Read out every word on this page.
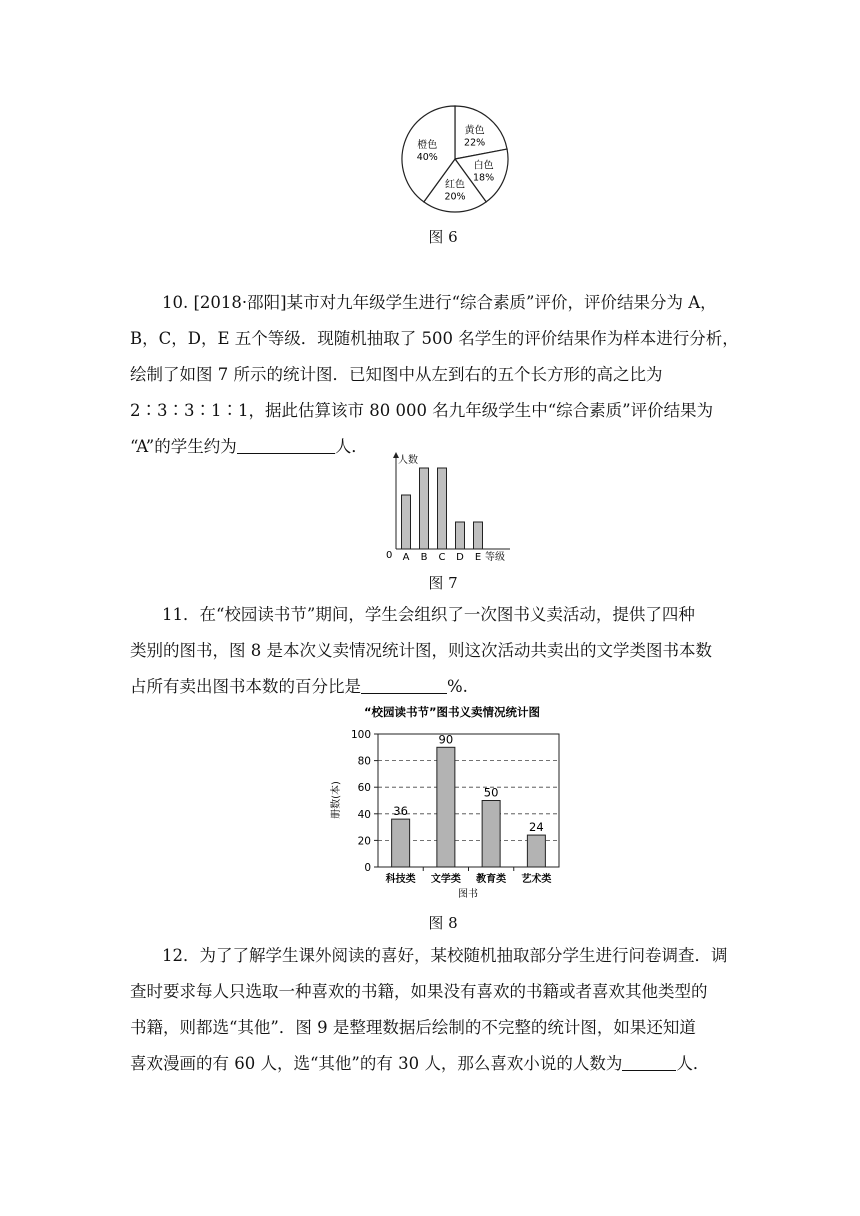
橙色
40%
黄色
22%
白色
18%
红色
20%
图 6
10. [2018·邵阳]某市对九年级学生进行“综合素质”评价，评价结果分为 A，
B，C，D，E 五个等级．现随机抽取了 500 名学生的评价结果作为样本进行分析，
绘制了如图 7 所示的统计图．已知图中从左到右的五个长方形的高之比为
2∶3∶3∶1∶1，据此估算该市 80 000 名九年级学生中“综合素质”评价结果为
“A”的学生约为	人．
人数
0 A B C D E 等级
图 7
11．在“校园读书节”期间，学生会组织了一次图书义卖活动，提供了四种
类别的图书，图 8 是本次义卖情况统计图，则这次活动共卖出的文学类图书本数
占所有卖出图书本数的百分比是	%.
“校园读书节”图书义卖情况统计图
0
20
40
60
80
100
册数(本)
图书
36
科技类
90
文学类
50
教育类
24
艺术类
图 8
12．为了了解学生课外阅读的喜好，某校随机抽取部分学生进行问卷调查．调
查时要求每人只选取一种喜欢的书籍，如果没有喜欢的书籍或者喜欢其他类型的
书籍，则都选“其他”．图 9 是整理数据后绘制的不完整的统计图，如果还知道
喜欢漫画的有 60 人，选“其他”的有 30 人，那么喜欢小说的人数为	人．
